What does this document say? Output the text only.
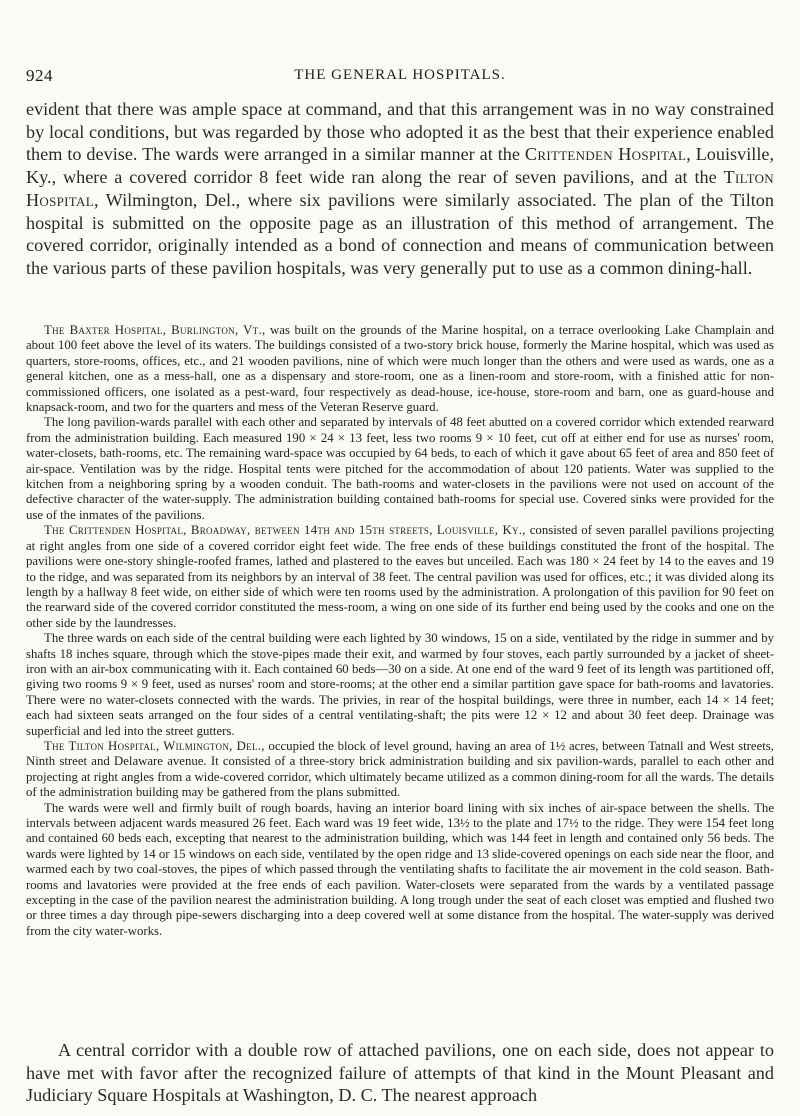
924	THE GENERAL HOSPITALS.

evident that there was ample space at command, and that this arrangement was in no way constrained by local conditions, but was regarded by those who adopted it as the best that their experience enabled them to devise. The wards were arranged in a similar manner at the Crittenden Hospital, Louisville, Ky., where a covered corridor 8 feet wide ran along the rear of seven pavilions, and at the Tilton Hospital, Wilmington, Del., where six pavilions were similarly associated. The plan of the Tilton hospital is submitted on the opposite page as an illustration of this method of arrangement. The covered corridor, originally intended as a bond of connection and means of communication between the various parts of these pavilion hospitals, was very generally put to use as a common dining-hall.

The Baxter Hospital, Burlington, Vt., was built on the grounds of the Marine hospital, on a terrace overlooking Lake Champlain and about 100 feet above the level of its waters. The buildings consisted of a two-story brick house, formerly the Marine hospital, which was used as quarters, store-rooms, offices, etc., and 21 wooden pavilions, nine of which were much longer than the others and were used as wards, one as a general kitchen, one as a mess-hall, one as a dispensary and store-room, one as a linen-room and store-room, with a finished attic for non-commissioned officers, one isolated as a pest-ward, four respectively as dead-house, ice-house, store-room and barn, one as guard-house and knapsack-room, and two for the quarters and mess of the Veteran Reserve guard.

The long pavilion-wards parallel with each other and separated by intervals of 48 feet abutted on a covered corridor which extended rearward from the administration building. Each measured 190 × 24 × 13 feet, less two rooms 9 × 10 feet, cut off at either end for use as nurses' room, water-closets, bath-rooms, etc. The remaining ward-space was occupied by 64 beds, to each of which it gave about 65 feet of area and 850 feet of air-space. Ventilation was by the ridge. Hospital tents were pitched for the accommodation of about 120 patients. Water was supplied to the kitchen from a neighboring spring by a wooden conduit. The bath-rooms and water-closets in the pavilions were not used on account of the defective character of the water-supply. The administration building contained bath-rooms for special use. Covered sinks were provided for the use of the inmates of the pavilions.

The Crittenden Hospital, Broadway, between 14th and 15th streets, Louisville, Ky., consisted of seven parallel pavilions projecting at right angles from one side of a covered corridor eight feet wide. The free ends of these buildings constituted the front of the hospital. The pavilions were one-story shingle-roofed frames, lathed and plastered to the eaves but unceiled. Each was 180 × 24 feet by 14 to the eaves and 19 to the ridge, and was separated from its neighbors by an interval of 38 feet. The central pavilion was used for offices, etc.; it was divided along its length by a hallway 8 feet wide, on either side of which were ten rooms used by the administration. A prolongation of this pavilion for 90 feet on the rearward side of the covered corridor constituted the mess-room, a wing on one side of its further end being used by the cooks and one on the other side by the laundresses.

The three wards on each side of the central building were each lighted by 30 windows, 15 on a side, ventilated by the ridge in summer and by shafts 18 inches square, through which the stove-pipes made their exit, and warmed by four stoves, each partly surrounded by a jacket of sheet-iron with an air-box communicating with it. Each contained 60 beds—30 on a side. At one end of the ward 9 feet of its length was partitioned off, giving two rooms 9 × 9 feet, used as nurses' room and store-rooms; at the other end a similar partition gave space for bath-rooms and lavatories. There were no water-closets connected with the wards. The privies, in rear of the hospital buildings, were three in number, each 14 × 14 feet; each had sixteen seats arranged on the four sides of a central ventilating-shaft; the pits were 12 × 12 and about 30 feet deep. Drainage was superficial and led into the street gutters.

The Tilton Hospital, Wilmington, Del., occupied the block of level ground, having an area of 1½ acres, between Tatnall and West streets, Ninth street and Delaware avenue. It consisted of a three-story brick administration building and six pavilion-wards, parallel to each other and projecting at right angles from a wide-covered corridor, which ultimately became utilized as a common dining-room for all the wards. The details of the administration building may be gathered from the plans submitted.

The wards were well and firmly built of rough boards, having an interior board lining with six inches of air-space between the shells. The intervals between adjacent wards measured 26 feet. Each ward was 19 feet wide, 13½ to the plate and 17½ to the ridge. They were 154 feet long and contained 60 beds each, excepting that nearest to the administration building, which was 144 feet in length and contained only 56 beds. The wards were lighted by 14 or 15 windows on each side, ventilated by the open ridge and 13 slide-covered openings on each side near the floor, and warmed each by two coal-stoves, the pipes of which passed through the ventilating shafts to facilitate the air movement in the cold season. Bath-rooms and lavatories were provided at the free ends of each pavilion. Water-closets were separated from the wards by a ventilated passage excepting in the case of the pavilion nearest the administration building. A long trough under the seat of each closet was emptied and flushed two or three times a day through pipe-sewers discharging into a deep covered well at some distance from the hospital. The water-supply was derived from the city water-works.

A central corridor with a double row of attached pavilions, one on each side, does not appear to have met with favor after the recognized failure of attempts of that kind in the Mount Pleasant and Judiciary Square Hospitals at Washington, D. C. The nearest approach
